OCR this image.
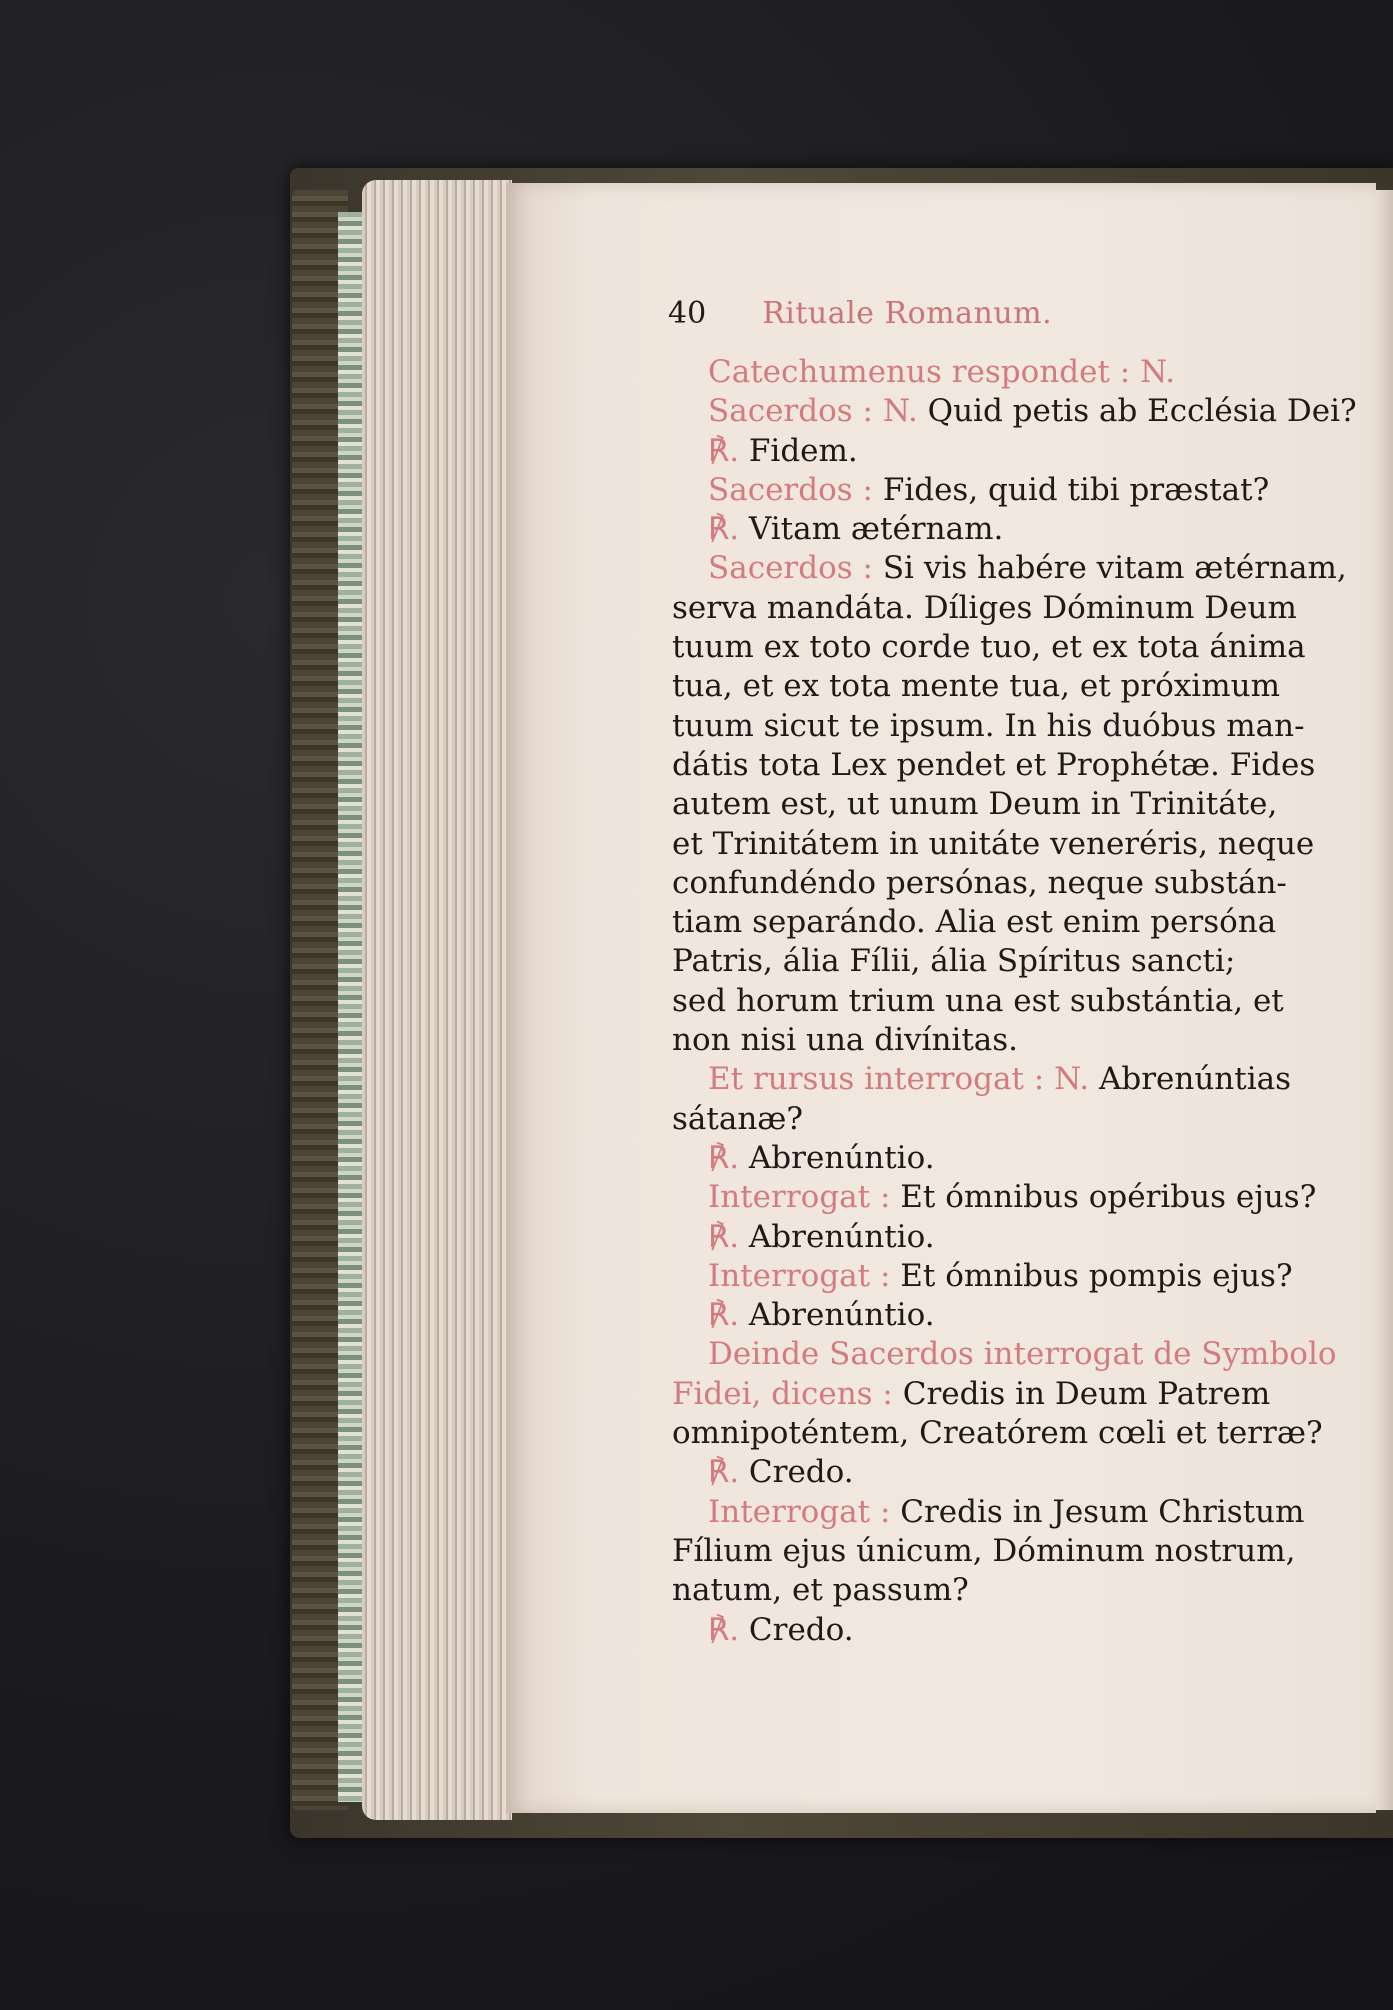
40 Rituale Romanum.
Catechumenus respondet : N.
Sacerdos : N. Quid petis ab Ecclésia Dei?
℟. Fidem.
Sacerdos : Fides, quid tibi præstat?
℟. Vitam ætérnam.
Sacerdos : Si vis habére vitam ætérnam,
serva mandáta. Díliges Dóminum Deum
tuum ex toto corde tuo, et ex tota ánima
tua, et ex tota mente tua, et próximum
tuum sicut te ipsum. In his duóbus man-
dátis tota Lex pendet et Prophétæ. Fides
autem est, ut unum Deum in Trinitáte,
et Trinitátem in unitáte veneréris, neque
confundéndo persónas, neque substán-
tiam separándo. Alia est enim persóna
Patris, ália Fílii, ália Spíritus sancti;
sed horum trium una est substántia, et
non nisi una divínitas.
Et rursus interrogat : N. Abrenúntias
sátanæ?
℟. Abrenúntio.
Interrogat : Et ómnibus opéribus ejus?
℟. Abrenúntio.
Interrogat : Et ómnibus pompis ejus?
℟. Abrenúntio.
Deinde Sacerdos interrogat de Symbolo
Fidei, dicens : Credis in Deum Patrem
omnipoténtem, Creatórem cœli et terræ?
℟. Credo.
Interrogat : Credis in Jesum Christum
Fílium ejus únicum, Dóminum nostrum,
natum, et passum?
℟. Credo.
